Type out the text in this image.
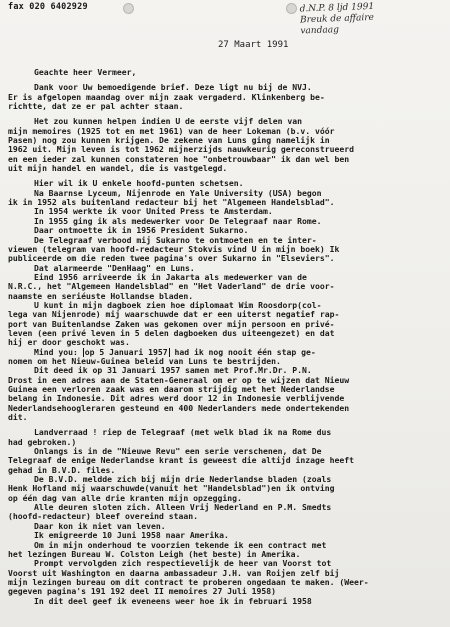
fax 020 6402929	d.N.P. 8 ljd 1991
Breuk de affaire
vandaag
27 Maart 1991
Geachte heer Vermeer,
Dank voor Uw bemoedigende brief. Deze ligt nu bij de NVJ.
Er is afgelopen maandag over mijn zaak vergaderd. Klinkenberg be-
richtte, dat ze er pal achter staan.
Het zou kunnen helpen indien U de eerste vijf delen van
mijn memoires (1925 tot en met 1961) van de heer Lokeman (b.v. vóór
Pasen) nog zou kunnen krijgen. De zekene van Luns ging namelijk in
1962 uit. Mijn leven is tot 1962 mijnerzijds nauwkeurig gereconstrueerd
en een ieder zal kunnen constateren hoe "onbetrouwbaar" ik dan wel ben
uit mijn handel en wandel, die is vastgelegd.
Hier wil ik U enkele hoofd-punten schetsen.
Na Baarnse Lyceum, Nijenrode en Yale University (USA) begon
ik in 1952 als buitenland redacteur bij het "Algemeen Handelsblad".
In 1954 werkte ik voor United Press te Amsterdam.
In 1955 ging ik als medewerker voor De Telegraaf naar Rome.
Daar ontmoette ik in 1956 President Sukarno.
De Telegraaf verbood mij Sukarno te ontmoeten en te inter-
viewen (telegram van hoofd-redacteur Stokvis vind U in mijn boek) Ik
publiceerde om die reden twee pagina's over Sukarno in "Elseviers".
Dat alarmeerde "DenHaag" en Luns.
Eind 1956 arriveerde ik in Jakarta als medewerker van de
N.R.C., het "Algemeen Handelsblad" en "Het Vaderland" de drie voor-
naamste en seriéuste Hollandse bladen.
U kunt in mijn dagboek zien hoe diplomaat Wim Roosdorp(col-
lega van Nijenrode) mij waarschuwde dat er een uiterst negatief rap-
port van Buitenlandse Zaken was gekomen over mijn persoon en privé-
leven (een privé leven in 5 delen dagboeken dus uiteengezet) en dat
hij er door geschokt was.
Mind you: op 5 Januari 1957 had ik nog nooit één stap ge-
nomen om het Nieuw-Guinea beleid van Luns te bestrijden.
Dit deed ik op 31 Januari 1957 samen met Prof.Mr.Dr. P.N.
Drost in een adres aan de Staten-Generaal om er op te wijzen dat Nieuw
Guinea een verloren zaak was en daarom strijdig met het Nederlandse
belang in Indonesie. Dit adres werd door 12 in Indonesie verblijvende
Nederlandsehoogleraren gesteund en 400 Nederlanders mede ondertekenden
dit.
Landverraad ! riep de Telegraaf (met welk blad ik na Rome dus
had gebroken.)
Onlangs is in de "Nieuwe Revu" een serie verschenen, dat De
Telegraaf de enige Nederlandse krant is geweest die altijd inzage heeft
gehad in B.V.D. files.
De B.V.D. meldde zich bij mijn drie Nederlandse bladen (zoals
Henk Hofland mij waarschuwde(vanuit het "Handelsblad")en ik ontving
op één dag van alle drie kranten mijn opzegging.
Alle deuren sloten zich. Alleen Vrij Nederland en P.M. Smedts
(hoofd-redacteur) bleef overeind staan.
Daar kon ik niet van leven.
Ik emigreerde 10 Juni 1958 naar Amerika.
Om in mijn onderhoud te voorzien tekende ik een contract met
het lezingen Bureau W. Colston Leigh (het beste) in Amerika.
Prompt vervolgden zich respectievelijk de heer van Voorst tot
Voorst uit Washington en daarna ambassadeur J.H. van Roijen zelf bij
mijn lezingen bureau om dit contract te proberen ongedaan te maken. (Weer-
gegeven pagina's 191 192 deel II memoires 27 Juli 1958)
In dit deel geef ik eveneens weer hoe ik in februari 1958
